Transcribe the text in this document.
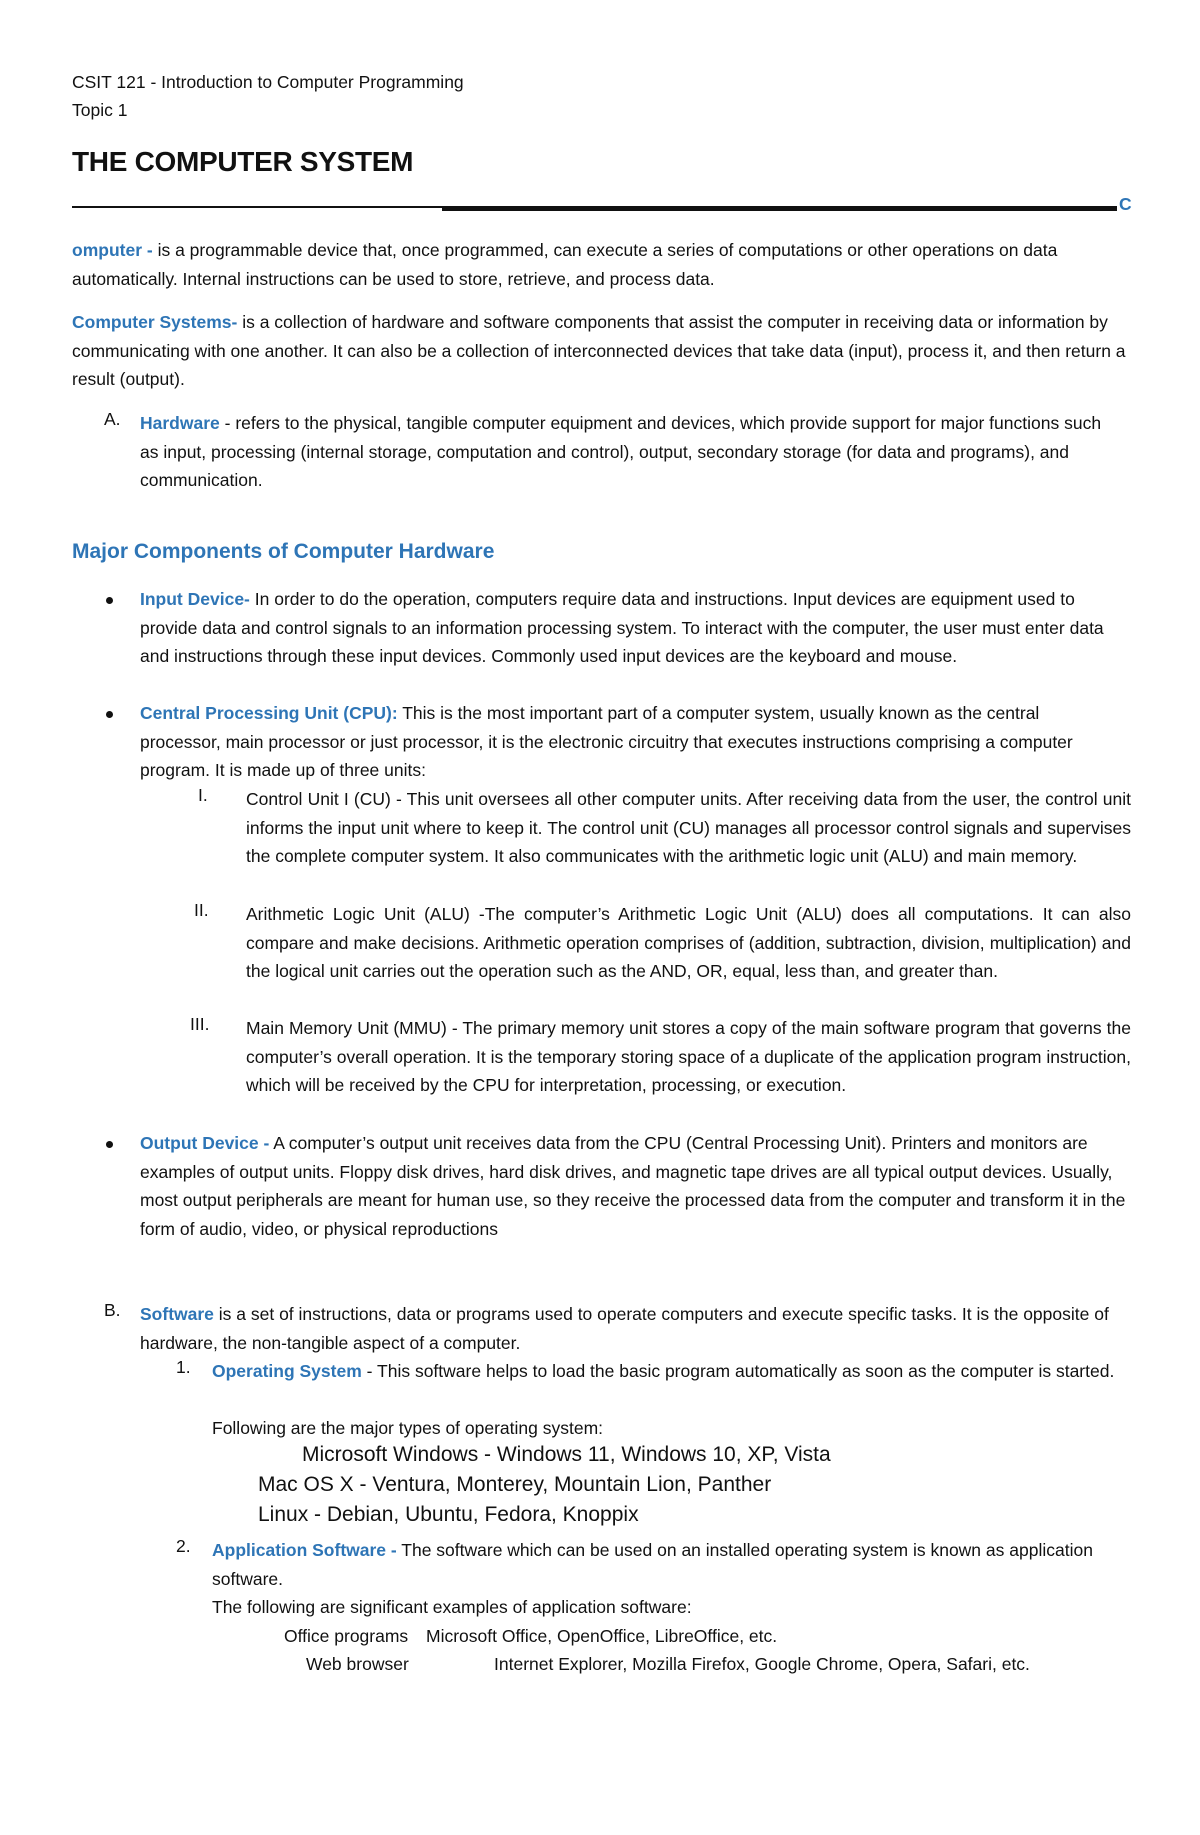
CSIT 121 - Introduction to Computer Programming
Topic 1
THE COMPUTER SYSTEM
C
omputer - is a programmable device that, once programmed, can execute a series of computations or other operations on data automatically. Internal instructions can be used to store, retrieve, and process data.
Computer Systems- is a collection of hardware and software components that assist the computer in receiving data or information by communicating with one another. It can also be a collection of interconnected devices that take data (input), process it, and then return a result (output).
A. Hardware - refers to the physical, tangible computer equipment and devices, which provide support for major functions such as input, processing (internal storage, computation and control), output, secondary storage (for data and programs), and communication.
Major Components of Computer Hardware
Input Device- In order to do the operation, computers require data and instructions. Input devices are equipment used to provide data and control signals to an information processing system. To interact with the computer, the user must enter data and instructions through these input devices. Commonly used input devices are the keyboard and mouse.
Central Processing Unit (CPU): This is the most important part of a computer system, usually known as the central processor, main processor or just processor, it is the electronic circuitry that executes instructions comprising a computer program. It is made up of three units:
I. Control Unit I (CU) - This unit oversees all other computer units. After receiving data from the user, the control unit informs the input unit where to keep it. The control unit (CU) manages all processor control signals and supervises the complete computer system. It also communicates with the arithmetic logic unit (ALU) and main memory.
II. Arithmetic Logic Unit (ALU) -The computer’s Arithmetic Logic Unit (ALU) does all computations. It can also compare and make decisions. Arithmetic operation comprises of (addition, subtraction, division, multiplication) and the logical unit carries out the operation such as the AND, OR, equal, less than, and greater than.
III. Main Memory Unit (MMU) - The primary memory unit stores a copy of the main software program that governs the computer’s overall operation. It is the temporary storing space of a duplicate of the application program instruction, which will be received by the CPU for interpretation, processing, or execution.
Output Device - A computer’s output unit receives data from the CPU (Central Processing Unit). Printers and monitors are examples of output units. Floppy disk drives, hard disk drives, and magnetic tape drives are all typical output devices. Usually, most output peripherals are meant for human use, so they receive the processed data from the computer and transform it in the form of audio, video, or physical reproductions
B. Software is a set of instructions, data or programs used to operate computers and execute specific tasks. It is the opposite of hardware, the non-tangible aspect of a computer.
1. Operating System - This software helps to load the basic program automatically as soon as the computer is started.
Following are the major types of operating system:
Microsoft Windows - Windows 11, Windows 10, XP, Vista
Mac OS X - Ventura, Monterey, Mountain Lion, Panther
Linux - Debian, Ubuntu, Fedora, Knoppix
2. Application Software - The software which can be used on an installed operating system is known as application software.
The following are significant examples of application software:
Office programs	Microsoft Office, OpenOffice, LibreOffice, etc.
Web browser	Internet Explorer, Mozilla Firefox, Google Chrome, Opera, Safari, etc.
